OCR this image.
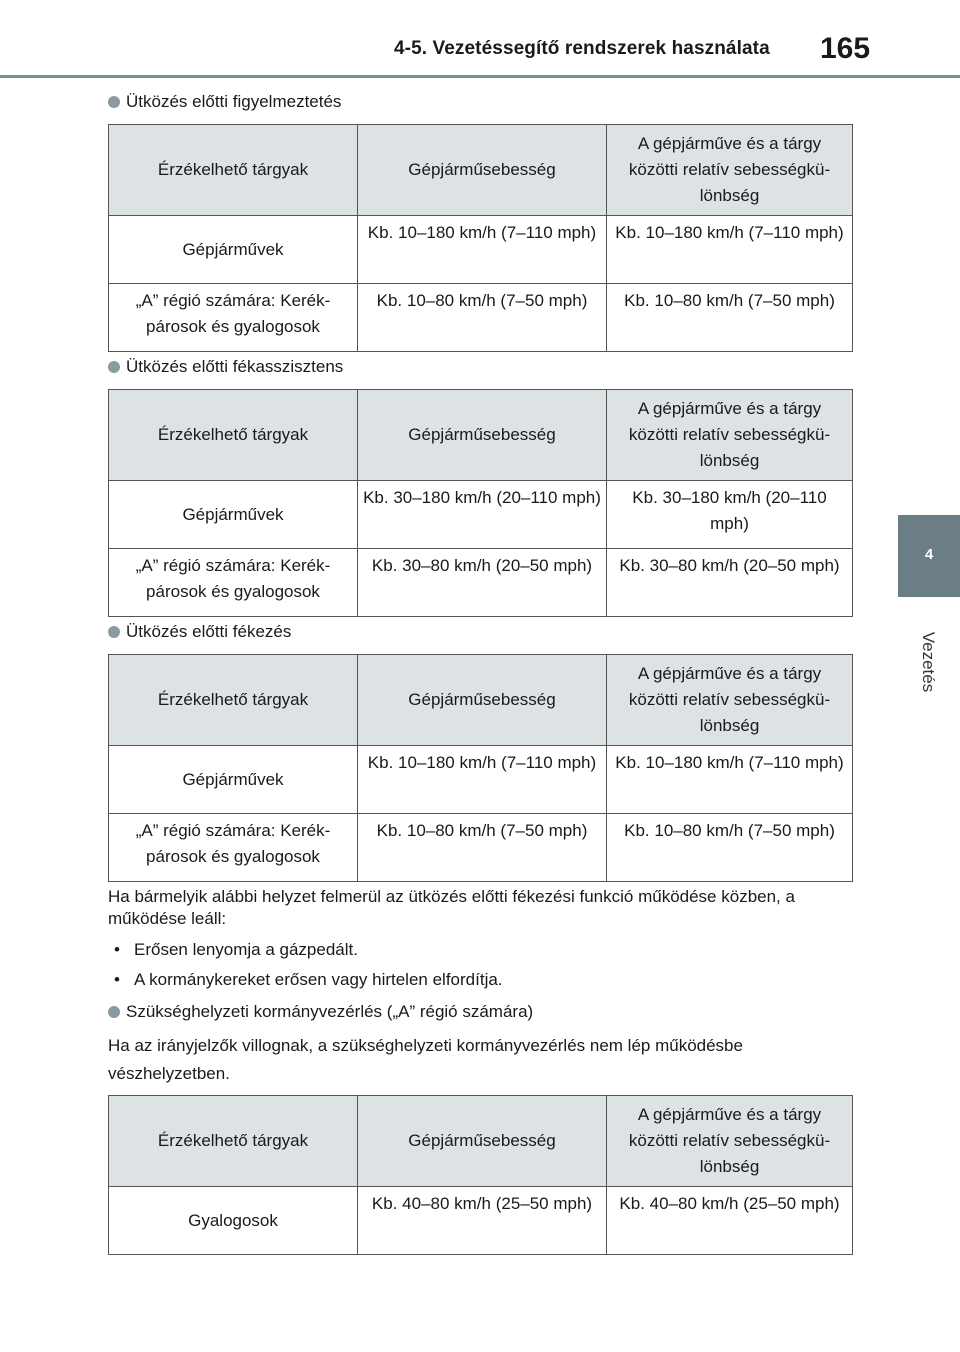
4-5. Vezetéssegítő rendszerek használata	165
4
Vezetés
Ütközés előtti figyelmeztetés
Érzékelhető tárgyak	Gépjárműsebesség	A gépjárműve és a tárgy közötti relatív sebességkü-lönbség
Gépjárművek	Kb. 10–180 km/h (7–110 mph)	Kb. 10–180 km/h (7–110 mph)
„A” régió számára: Kerék-párosok és gyalogosok	Kb. 10–80 km/h (7–50 mph)	Kb. 10–80 km/h (7–50 mph)
Ütközés előtti fékasszisztens
Érzékelhető tárgyak	Gépjárműsebesség	A gépjárműve és a tárgy közötti relatív sebességkü-lönbség
Gépjárművek	Kb. 30–180 km/h (20–110 mph)	Kb. 30–180 km/h (20–110 mph)
„A” régió számára: Kerék-párosok és gyalogosok	Kb. 30–80 km/h (20–50 mph)	Kb. 30–80 km/h (20–50 mph)
Ütközés előtti fékezés
Érzékelhető tárgyak	Gépjárműsebesség	A gépjárműve és a tárgy közötti relatív sebességkü-lönbség
Gépjárművek	Kb. 10–180 km/h (7–110 mph)	Kb. 10–180 km/h (7–110 mph)
„A” régió számára: Kerék-párosok és gyalogosok	Kb. 10–80 km/h (7–50 mph)	Kb. 10–80 km/h (7–50 mph)
Ha bármelyik alábbi helyzet felmerül az ütközés előtti fékezési funkció működése közben, a működése leáll:
• Erősen lenyomja a gázpedált.
• A kormánykereket erősen vagy hirtelen elfordítja.
Szükséghelyzeti kormányvezérlés („A” régió számára)
Ha az irányjelzők villognak, a szükséghelyzeti kormányvezérlés nem lép működésbe vészhelyzetben.
Érzékelhető tárgyak	Gépjárműsebesség	A gépjárműve és a tárgy közötti relatív sebességkü-lönbség
Gyalogosok	Kb. 40–80 km/h (25–50 mph)	Kb. 40–80 km/h (25–50 mph)
